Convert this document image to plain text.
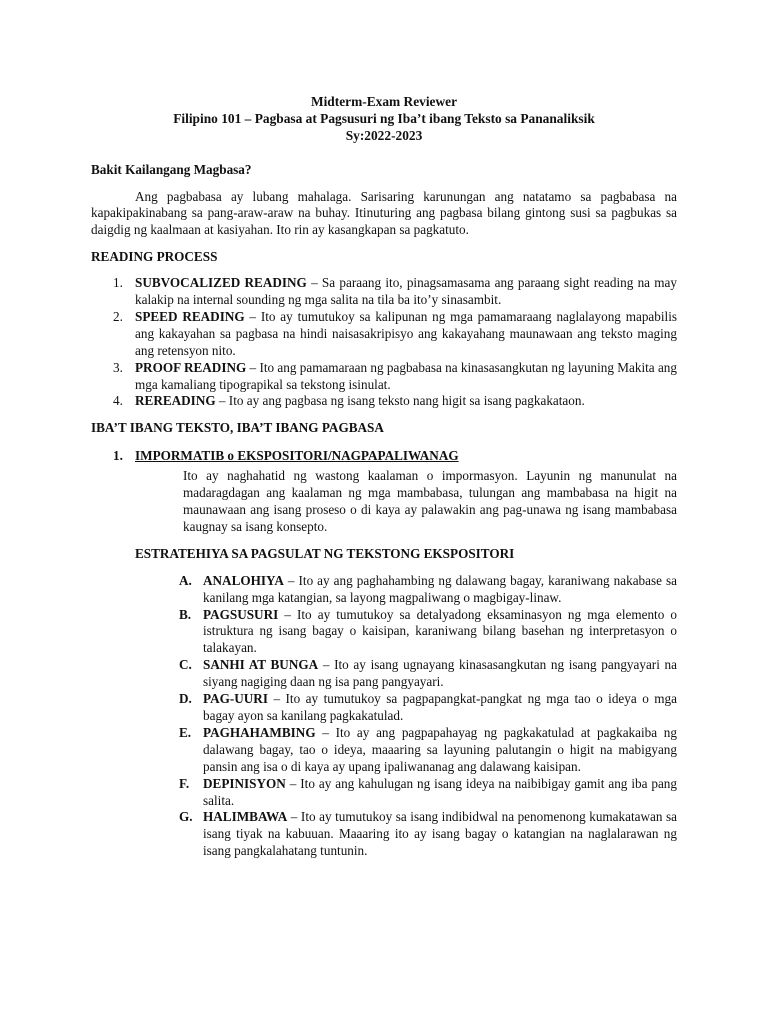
Midterm-Exam Reviewer
Filipino 101 – Pagbasa at Pagsusuri ng Iba’t ibang Teksto sa Pananaliksik
Sy:2022-2023

Bakit Kailangang Magbasa?

Ang pagbabasa ay lubang mahalaga. Sarisaring karunungan ang natatamo sa pagbabasa na kapakipakinabang sa pang-araw-araw na buhay. Itinuturing ang pagbasa bilang gintong susi sa pagbukas sa daigdig ng kaalmaan at kasiyahan. Ito rin ay kasangkapan sa pagkatuto.

READING PROCESS

1. SUBVOCALIZED READING – Sa paraang ito, pinagsamasama ang paraang sight reading na may kalakip na internal sounding ng mga salita na tila ba ito’y sinasambit.
2. SPEED READING – Ito ay tumutukoy sa kalipunan ng mga pamamaraang naglalayong mapabilis ang kakayahan sa pagbasa na hindi naisasakripisyo ang kakayahang maunawaan ang teksto maging ang retensyon nito.
3. PROOF READING – Ito ang pamamaraan ng pagbabasa na kinasasangkutan ng layuning Makita ang mga kamaliang tipograpikal sa tekstong isinulat.
4. REREADING – Ito ay ang pagbasa ng isang teksto nang higit sa isang pagkakataon.

IBA’T IBANG TEKSTO, IBA’T IBANG PAGBASA

1. IMPORMATIB o EKSPOSITORI/NAGPAPALIWANAG
Ito ay naghahatid ng wastong kaalaman o impormasyon. Layunin ng manunulat na madaragdagan ang kaalaman ng mga mambabasa, tulungan ang mambabasa na higit na maunawaan ang isang proseso o di kaya ay palawakin ang pag-unawa ng isang mambabasa kaugnay sa isang konsepto.

ESTRATEHIYA SA PAGSULAT NG TEKSTONG EKSPOSITORI

A. ANALOHIYA – Ito ay ang paghahambing ng dalawang bagay, karaniwang nakabase sa kanilang mga katangian, sa layong magpaliwang o magbigay-linaw.
B. PAGSUSURI – Ito ay tumutukoy sa detalyadong eksaminasyon ng mga elemento o istruktura ng isang bagay o kaisipan, karaniwang bilang basehan ng interpretasyon o talakayan.
C. SANHI AT BUNGA – Ito ay isang ugnayang kinasasangkutan ng isang pangyayari na siyang nagiging daan ng isa pang pangyayari.
D. PAG-UURI – Ito ay tumutukoy sa pagpapangkat-pangkat ng mga tao o ideya o mga bagay ayon sa kanilang pagkakatulad.
E. PAGHAHAMBING – Ito ay ang pagpapahayag ng pagkakatulad at pagkakaiba ng dalawang bagay, tao o ideya, maaaring sa layuning palutangin o higit na mabigyang pansin ang isa o di kaya ay upang ipaliwananag ang dalawang kaisipan.
F. DEPINISYON – Ito ay ang kahulugan ng isang ideya na naibibigay gamit ang iba pang salita.
G. HALIMBAWA – Ito ay tumutukoy sa isang indibidwal na penomenong kumakatawan sa isang tiyak na kabuuan. Maaaring ito ay isang bagay o katangian na naglalarawan ng isang pangkalahatang tuntunin.
